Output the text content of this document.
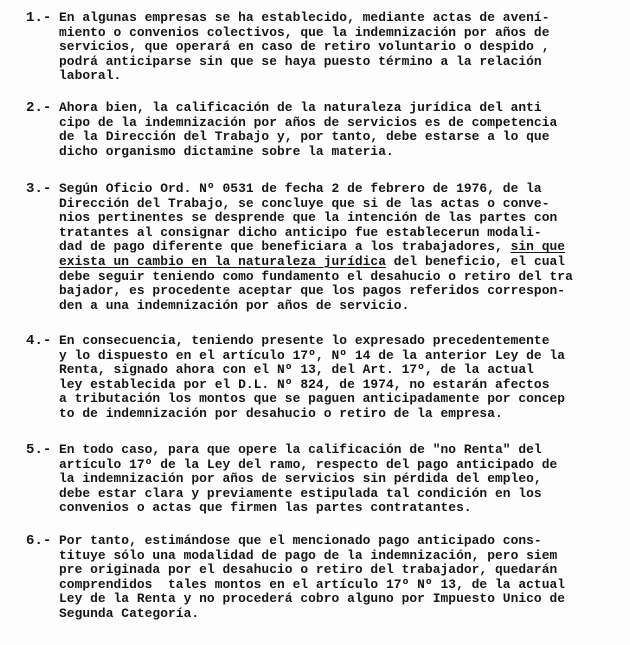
1.- En algunas empresas se ha establecido, mediante actas de avení-
miento o convenios colectivos, que la indemnización por años de
servicios, que operará en caso de retiro voluntario o despido ,
podrá anticiparse sin que se haya puesto término a la relación
laboral.
2.- Ahora bien, la calificación de la naturaleza jurídica del anti
cipo de la indemnización por años de servicios es de competencia
de la Dirección del Trabajo y, por tanto, debe estarse a lo que
dicho organismo dictamine sobre la materia.
3.- Según Oficio Ord. Nº 0531 de fecha 2 de febrero de 1976, de la
Dirección del Trabajo, se concluye que si de las actas o conve-
nios pertinentes se desprende que la intención de las partes con
tratantes al consignar dicho anticipo fue establecerun modali-
dad de pago diferente que beneficiara a los trabajadores, sin que
exista un cambio en la naturaleza jurídica del beneficio, el cual
debe seguir teniendo como fundamento el desahucio o retiro del tra
bajador, es procedente aceptar que los pagos referidos correspon-
den a una indemnización por años de servicio.
4.- En consecuencia, teniendo presente lo expresado precedentemente
y lo dispuesto en el artículo 17º, Nº 14 de la anterior Ley de la
Renta, signado ahora con el Nº 13, del Art. 17º, de la actual
ley establecida por el D.L. Nº 824, de 1974, no estarán afectos
a tributación los montos que se paguen anticipadamente por concep
to de indemnización por desahucio o retiro de la empresa.
5.- En todo caso, para que opere la calificación de "no Renta" del
artículo 17º de la Ley del ramo, respecto del pago anticipado de
la indemnización por años de servicios sin pérdida del empleo,
debe estar clara y previamente estipulada tal condición en los
convenios o actas que firmen las partes contratantes.
6.- Por tanto, estimándose que el mencionado pago anticipado cons-
tituye sólo una modalidad de pago de la indemnización, pero siem
pre originada por el desahucio o retiro del trabajador, quedarán
comprendidos  tales montos en el artículo 17º Nº 13, de la actual
Ley de la Renta y no procederá cobro alguno por Impuesto Unico de
Segunda Categoría.
